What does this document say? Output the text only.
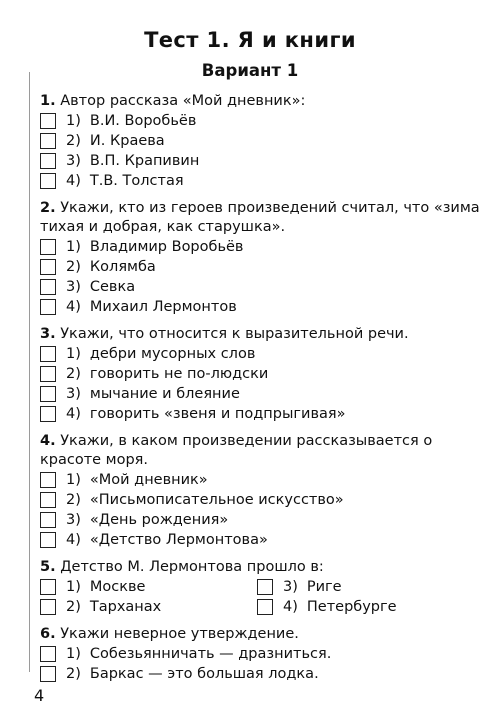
Тест 1. Я и книги
Вариант 1
1. Автор рассказа «Мой дневник»:
1) В.И. Воробьёв
2) И. Краева
3) В.П. Крапивин
4) Т.В. Толстая
2. Укажи, кто из героев произведений считал, что «зима тихая и добрая, как старушка».
1) Владимир Воробьёв
2) Колямба
3) Севка
4) Михаил Лермонтов
3. Укажи, что относится к выразительной речи.
1) дебри мусорных слов
2) говорить не по-людски
3) мычание и блеяние
4) говорить «звеня и подпрыгивая»
4. Укажи, в каком произведении рассказывается о красоте моря.
1) «Мой дневник»
2) «Письмописательное искусство»
3) «День рождения»
4) «Детство Лермонтова»
5. Детство М. Лермонтова прошло в:
1) Москве	3) Риге
2) Тарханах	4) Петербурге
6. Укажи неверное утверждение.
1) Собезьянничать — дразниться.
2) Баркас — это большая лодка.
4
